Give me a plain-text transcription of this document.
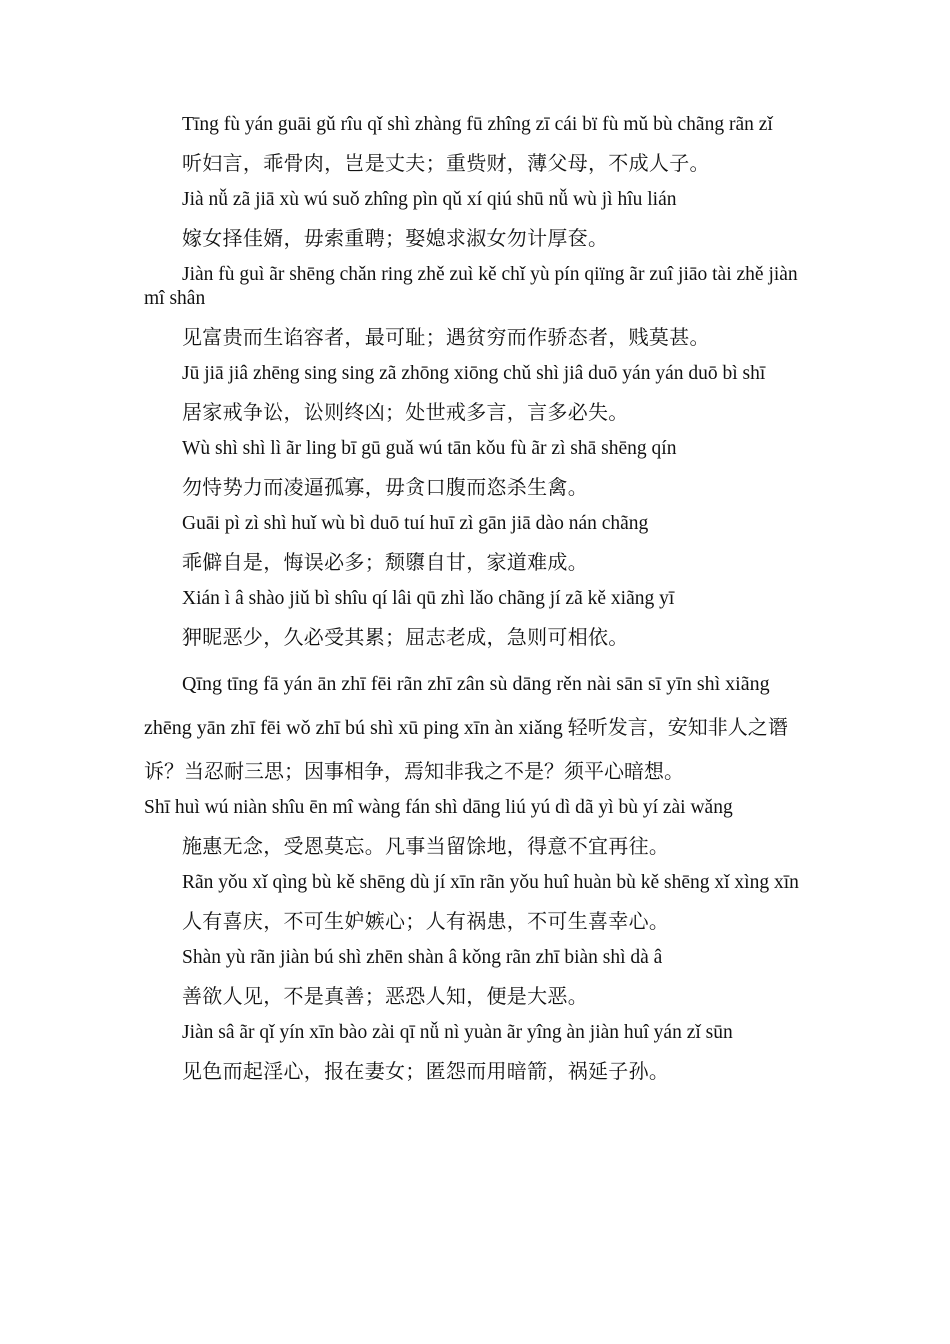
Tīng fù yán guāi gǔ rîu qǐ shì zhàng fū zhîng zī cái bï fù mǔ bù chãng rãn zǐ

听妇言，乖骨肉，岂是丈夫；重赀财，薄父母，不成人子。

Jià nǚ zã jiā xù wú suǒ zhîng pìn qǔ xí qiú shū nǚ wù jì hîu lián

嫁女择佳婿，毋索重聘；娶媳求淑女勿计厚奁。

Jiàn fù guì ãr shēng chǎn ring zhě zuì kě chǐ yù pín qiïng ãr zuî jiāo tài zhě jiàn mî shân

见富贵而生谄容者，最可耻；遇贫穷而作骄态者，贱莫甚。

Jū jiā jiâ zhēng sing sing zã zhōng xiōng chǔ shì jiâ duō yán yán duō bì shī

居家戒争讼，讼则终凶；处世戒多言，言多必失。

Wù shì shì lì ãr ling bī gū guǎ wú tān kǒu fù ãr zì shā shēng qín

勿恃势力而凌逼孤寡，毋贪口腹而恣杀生禽。

Guāi pì zì shì huǐ wù bì duō tuí huī zì gān jiā dào nán chãng

乖僻自是，悔误必多；颓隳自甘，家道难成。

Xián ì â shào jiǔ bì shîu qí lâi qū zhì lǎo chãng jí zã kě xiãng yī

狎昵恶少，久必受其累；屈志老成，急则可相依。

Qīng tīng fā yán ān zhī fēi rãn zhī zân sù dāng rěn nài sān sī yīn shì xiãng zhēng yān zhī fēi wǒ zhī bú shì xū ping xīn àn xiǎng 轻听发言，安知非人之谮诉？当忍耐三思；因事相争，焉知非我之不是？须平心暗想。

Shī huì wú niàn shîu ēn mî wàng fán shì dāng liú yú dì dã yì bù yí zài wǎng

施惠无念，受恩莫忘。凡事当留馀地，得意不宜再往。

Rãn yǒu xǐ qìng bù kě shēng dù jí xīn rãn yǒu huî huàn bù kě shēng xǐ xìng xīn

人有喜庆，不可生妒嫉心；人有祸患，不可生喜幸心。

Shàn yù rãn jiàn bú shì zhēn shàn â kǒng rãn zhī biàn shì dà â

善欲人见，不是真善；恶恐人知，便是大恶。

Jiàn sâ ãr qǐ yín xīn bào zài qī nǚ nì yuàn ãr yîng àn jiàn huî yán zǐ sūn

见色而起淫心，报在妻女；匿怨而用暗箭，祸延子孙。
